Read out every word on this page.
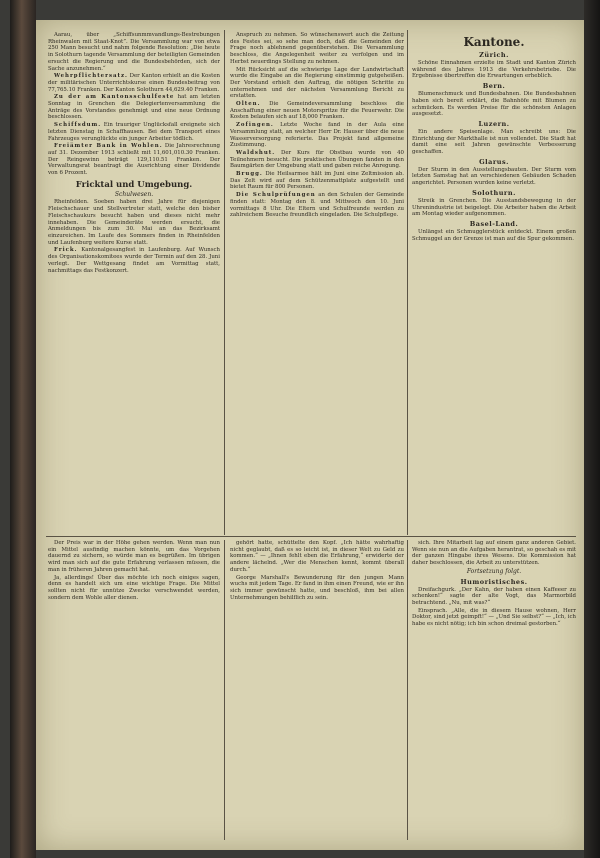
Aarau, über „Schiffsunmmvandlungs-Bestrebungen Rheinwalen mit Staat-Knot”. Die Versammlung war von etwa 250 Mann besucht und nahm folgende Resolution: „Die heute in Solothurn tagende Versammlung der beteiligten Gemeinden ersucht die Regierung und die Bundesbehörden, sich der Sache anzunehmen.“

Wehrpflichtersatz. Der Kanton erhielt an die Kosten der militärischen Unterrichtskurse einen Bundesbeitrag von 77,765.10 Franken. Der Kanton Solothurn 44,629.40 Franken.

Zu der am Kantonsschulfeste hat am letzten Sonntag in Grenchen die Delegiertenversammlung die Anträge des Vorstandes genehmigt und eine neue Ordnung beschlossen.

Schiffsdum. Ein trauriger Unglücksfall ereignete sich letzten Dienstag in Schaffhausen. Bei dem Transport eines Fahrzeuges verunglückte ein junger Arbeiter tödlich.

Freiämter Bank in Wohlen. Die Jahresrechnung auf 31. Dezember 1913 schließt mit 11,601,010.30 Franken. Der Reingewinn beträgt 129,110.51 Franken. Der Verwaltungsrat beantragt die Ausrichtung einer Dividende von 6 Prozent.

Fricktal und Umgebung.
Schulwesen.

Rheinfelden. Soeben haben drei Jahre für diejenigen Fleischschauer und Stellvertreter statt, welche den bisher Fleischschaukurs besucht haben und dieses nicht mehr innehaben. Die Gemeinderäte werden ersucht, die Anmeldungen bis zum 30. Mai an das Bezirksamt einzureichen. Im Laufe des Sommers finden in Rheinfelden und Laufenburg weitere Kurse statt.

Frick. Kantonalgesangfest in Laufenburg. Auf Wunsch des Organisationskomitees wurde der Termin auf den 28. Juni verlegt. Der Wettgesang findet am Vormittag statt, nachmittags das Festkonzert.

Anspruch zu nehmen. So wünschenswert auch die Zeitung des Festes sei, so sehe man doch, daß die Gemeinden der Frage noch ablehnend gegenüberstehen. Die Versammlung beschloss, die Angelegenheit weiter zu verfolgen und im Herbst neuerdings Stellung zu nehmen.

Mit Rücksicht auf die schwierige Lage der Landwirtschaft wurde die Eingabe an die Regierung einstimmig gutgeheißen. Der Vorstand erhielt den Auftrag, die nötigen Schritte zu unternehmen und der nächsten Versammlung Bericht zu erstatten.

Olten. Die Gemeindeversammlung beschloss die Anschaffung einer neuen Motorspritze für die Feuerwehr. Die Kosten belaufen sich auf 18,000 Franken.

Zofingen. Letzte Woche fand in der Aula eine Versammlung statt, an welcher Herr Dr. Hauser über die neue Wasserversorgung referierte. Das Projekt fand allgemeine Zustimmung.

Waldshut. Der Kurs für Obstbau wurde von 40 Teilnehmern besucht. Die praktischen Übungen fanden in den Baumgärten der Umgebung statt und gaben reiche Anregung.

Brugg. Die Heilsarmee hält im Juni eine Zeltmission ab. Das Zelt wird auf dem Schützenmattplatz aufgestellt und bietet Raum für 800 Personen.

Die Schulprüfungen an den Schulen der Gemeinde finden statt: Montag den 8. und Mittwoch den 10. Juni vormittags 8 Uhr. Die Eltern und Schulfreunde werden zu zahlreichem Besuche freundlich eingeladen. Die Schulpflege.

Kantone.
Zürich.

Schöne Einnahmen erzielte im Stadt und Kanton Zürich während des Jahres 1913 die Verkehrsbetriebe. Die Ergebnisse übertreffen die Erwartungen erheblich.

Bern.

Blumenschmuck und Bundesbahnen. Die Bundesbahnen haben sich bereit erklärt, die Bahnhöfe mit Blumen zu schmücken. Es werden Preise für die schönsten Anlagen ausgesetzt.

Luzern.

Ein andere Speisenlage. Man schreibt uns: Die Einrichtung der Markthalle ist nun vollendet. Die Stadt hat damit eine seit Jahren gewünschte Verbesserung geschaffen.

Glarus.

Der Sturm in den Ausstellungsbauten. Der Sturm vom letzten Samstag hat an verschiedenen Gebäuden Schaden angerichtet. Personen wurden keine verletzt.

Solothurn.

Streik in Grenchen. Die Ausstandsbewegung in der Uhrenindustrie ist beigelegt. Die Arbeiter haben die Arbeit am Montag wieder aufgenommen.

Basel-Land.

Unlängst ein Schmugglerstück entdeckt. Einem großen Schmuggel an der Grenze ist man auf die Spur gekommen.

Der Preis war in der Höhe gehen werden. Wenn man nun ein Mittel ausfindig machen könnte, um das Vorgehen dauernd zu sichern, so würde man es begrüßen. Im übrigen wird man sich auf die gute Erfahrung verlassen müssen, die man in früheren Jahren gemacht hat.

Ja, allerdings! Über das möchte ich noch einiges sagen, denn es handelt sich um eine wichtige Frage. Die Mittel sollten nicht für unnütze Zwecke verschwendet werden, sondern dem Wohle aller dienen.

gehört hatte, schüttelte den Kopf. „Ich hätte wahrhaftig nicht geglaubt, daß es so leicht ist, in dieser Welt zu Geld zu kommen.“ — „Ihnen fehlt eben die Erfahrung,“ erwiderte der andere lächelnd. „Wer die Menschen kennt, kommt überall durch.“

George Marshall's Bewunderung für den jungen Mann wuchs mit jedem Tage. Er fand in ihm einen Freund, wie er ihn sich immer gewünscht hatte, und beschloß, ihm bei allen Unternehmungen behilflich zu sein.

sich. Ihre Mitarbeit lag auf einem ganz anderen Gebiet. Wenn sie nun an die Aufgaben herantrat, so geschah es mit der ganzen Hingabe ihres Wesens. Die Kommission hat daher beschlossen, die Arbeit zu unterstützen.

Fortsetzung folgt.
Humoristisches.

Dreifachgurk. „Der Kahn, der haben einen Kaffeeer zu schenken!“ sagte der alte Vogt, das Marmorbild betrachtend. „Nu, mit was?“

Einsprach. „Alle, die in diesem Hause wohnen, Herr Doktor, sind jetzt geimpft!“ — „Und Sie selbst?“ — „Ich, ich habe es nicht nötig; ich bin schon dreimal gestorben.“
